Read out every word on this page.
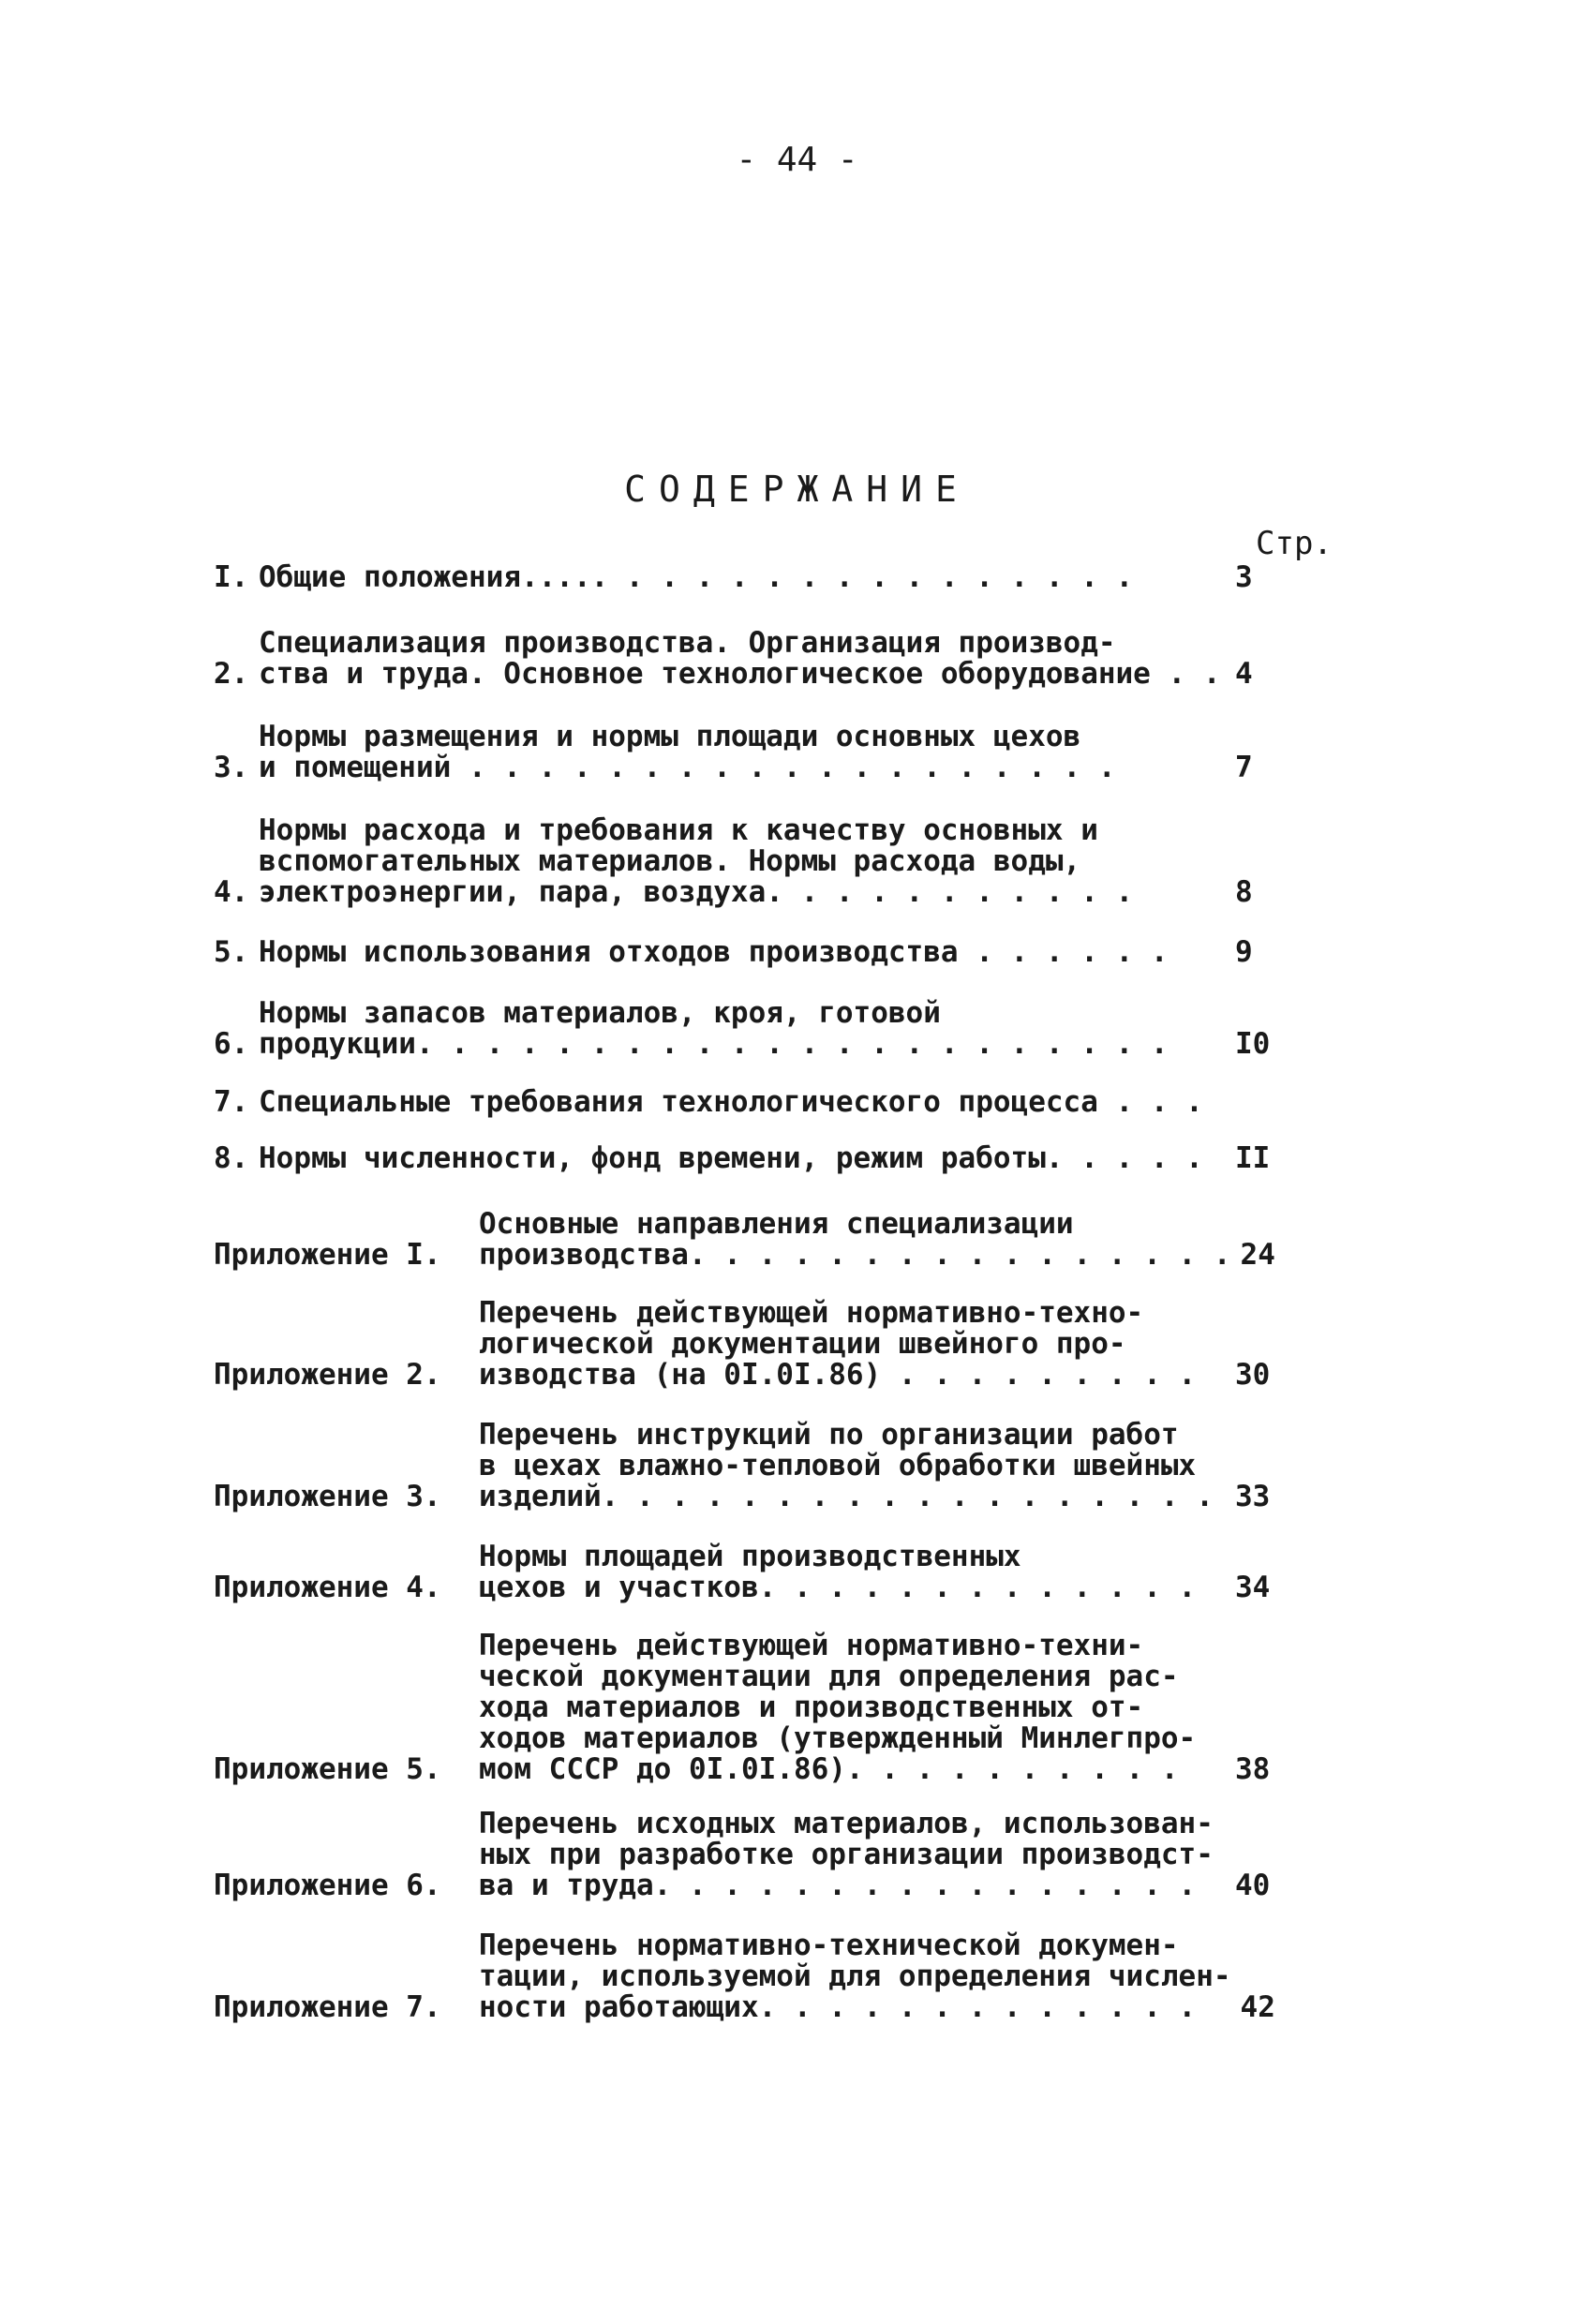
- 44 -
СОДЕРЖАНИЕ
Стр.
I. Общие положения..... . . . . . . . . . . . . . . .	3
2.
Специализация производства. Организация производ-
ства и труда. Основное технологическое оборудование . . 4
3.
Нормы размещения и нормы площади основных цехов
и помещений . . . . . . . . . . . . . . . . . . .	7
4.
Нормы расхода и требования к качеству основных и
вспомогательных материалов. Нормы расхода воды,
электроэнергии, пара, воздуха. . . . . . . . . . .	8
5. Нормы использования отходов производства . . . . . .	9
6.
Нормы запасов материалов, кроя, готовой
продукции. . . . . . . . . . . . . . . . . . . . . .	I0
7. Специальные требования технологического процесса . . .
8. Нормы численности, фонд времени, режим работы. . . . .	II
Приложение I.
Основные направления специализации
производства. . . . . . . . . . . . . . . . 24
Приложение 2.
Перечень действующей нормативно-техно-
логической документации швейного про-
изводства (на 0I.0I.86) . . . . . . . . .	30
Приложение 3.
Перечень инструкций по организации работ
в цехах влажно-тепловой обработки швейных
изделий. . . . . . . . . . . . . . . . . . 33
Приложение 4.
Нормы площадей производственных
цехов и участков. . . . . . . . . . . . .	34
Приложение 5.
Перечень действующей нормативно-техни-
ческой документации для определения рас-
хода материалов и производственных от-
ходов материалов (утвержденный Минлегпро-
мом СССР до 0I.0I.86). . . . . . . . . .	38
Приложение 6.
Перечень исходных материалов, использован-
ных при разработке организации производст-
ва и труда. . . . . . . . . . . . . . . .	40
Приложение 7.
Перечень нормативно-технической докумен-
тации, используемой для определения числен-
ности работающих. . . . . . . . . . . . .	42
